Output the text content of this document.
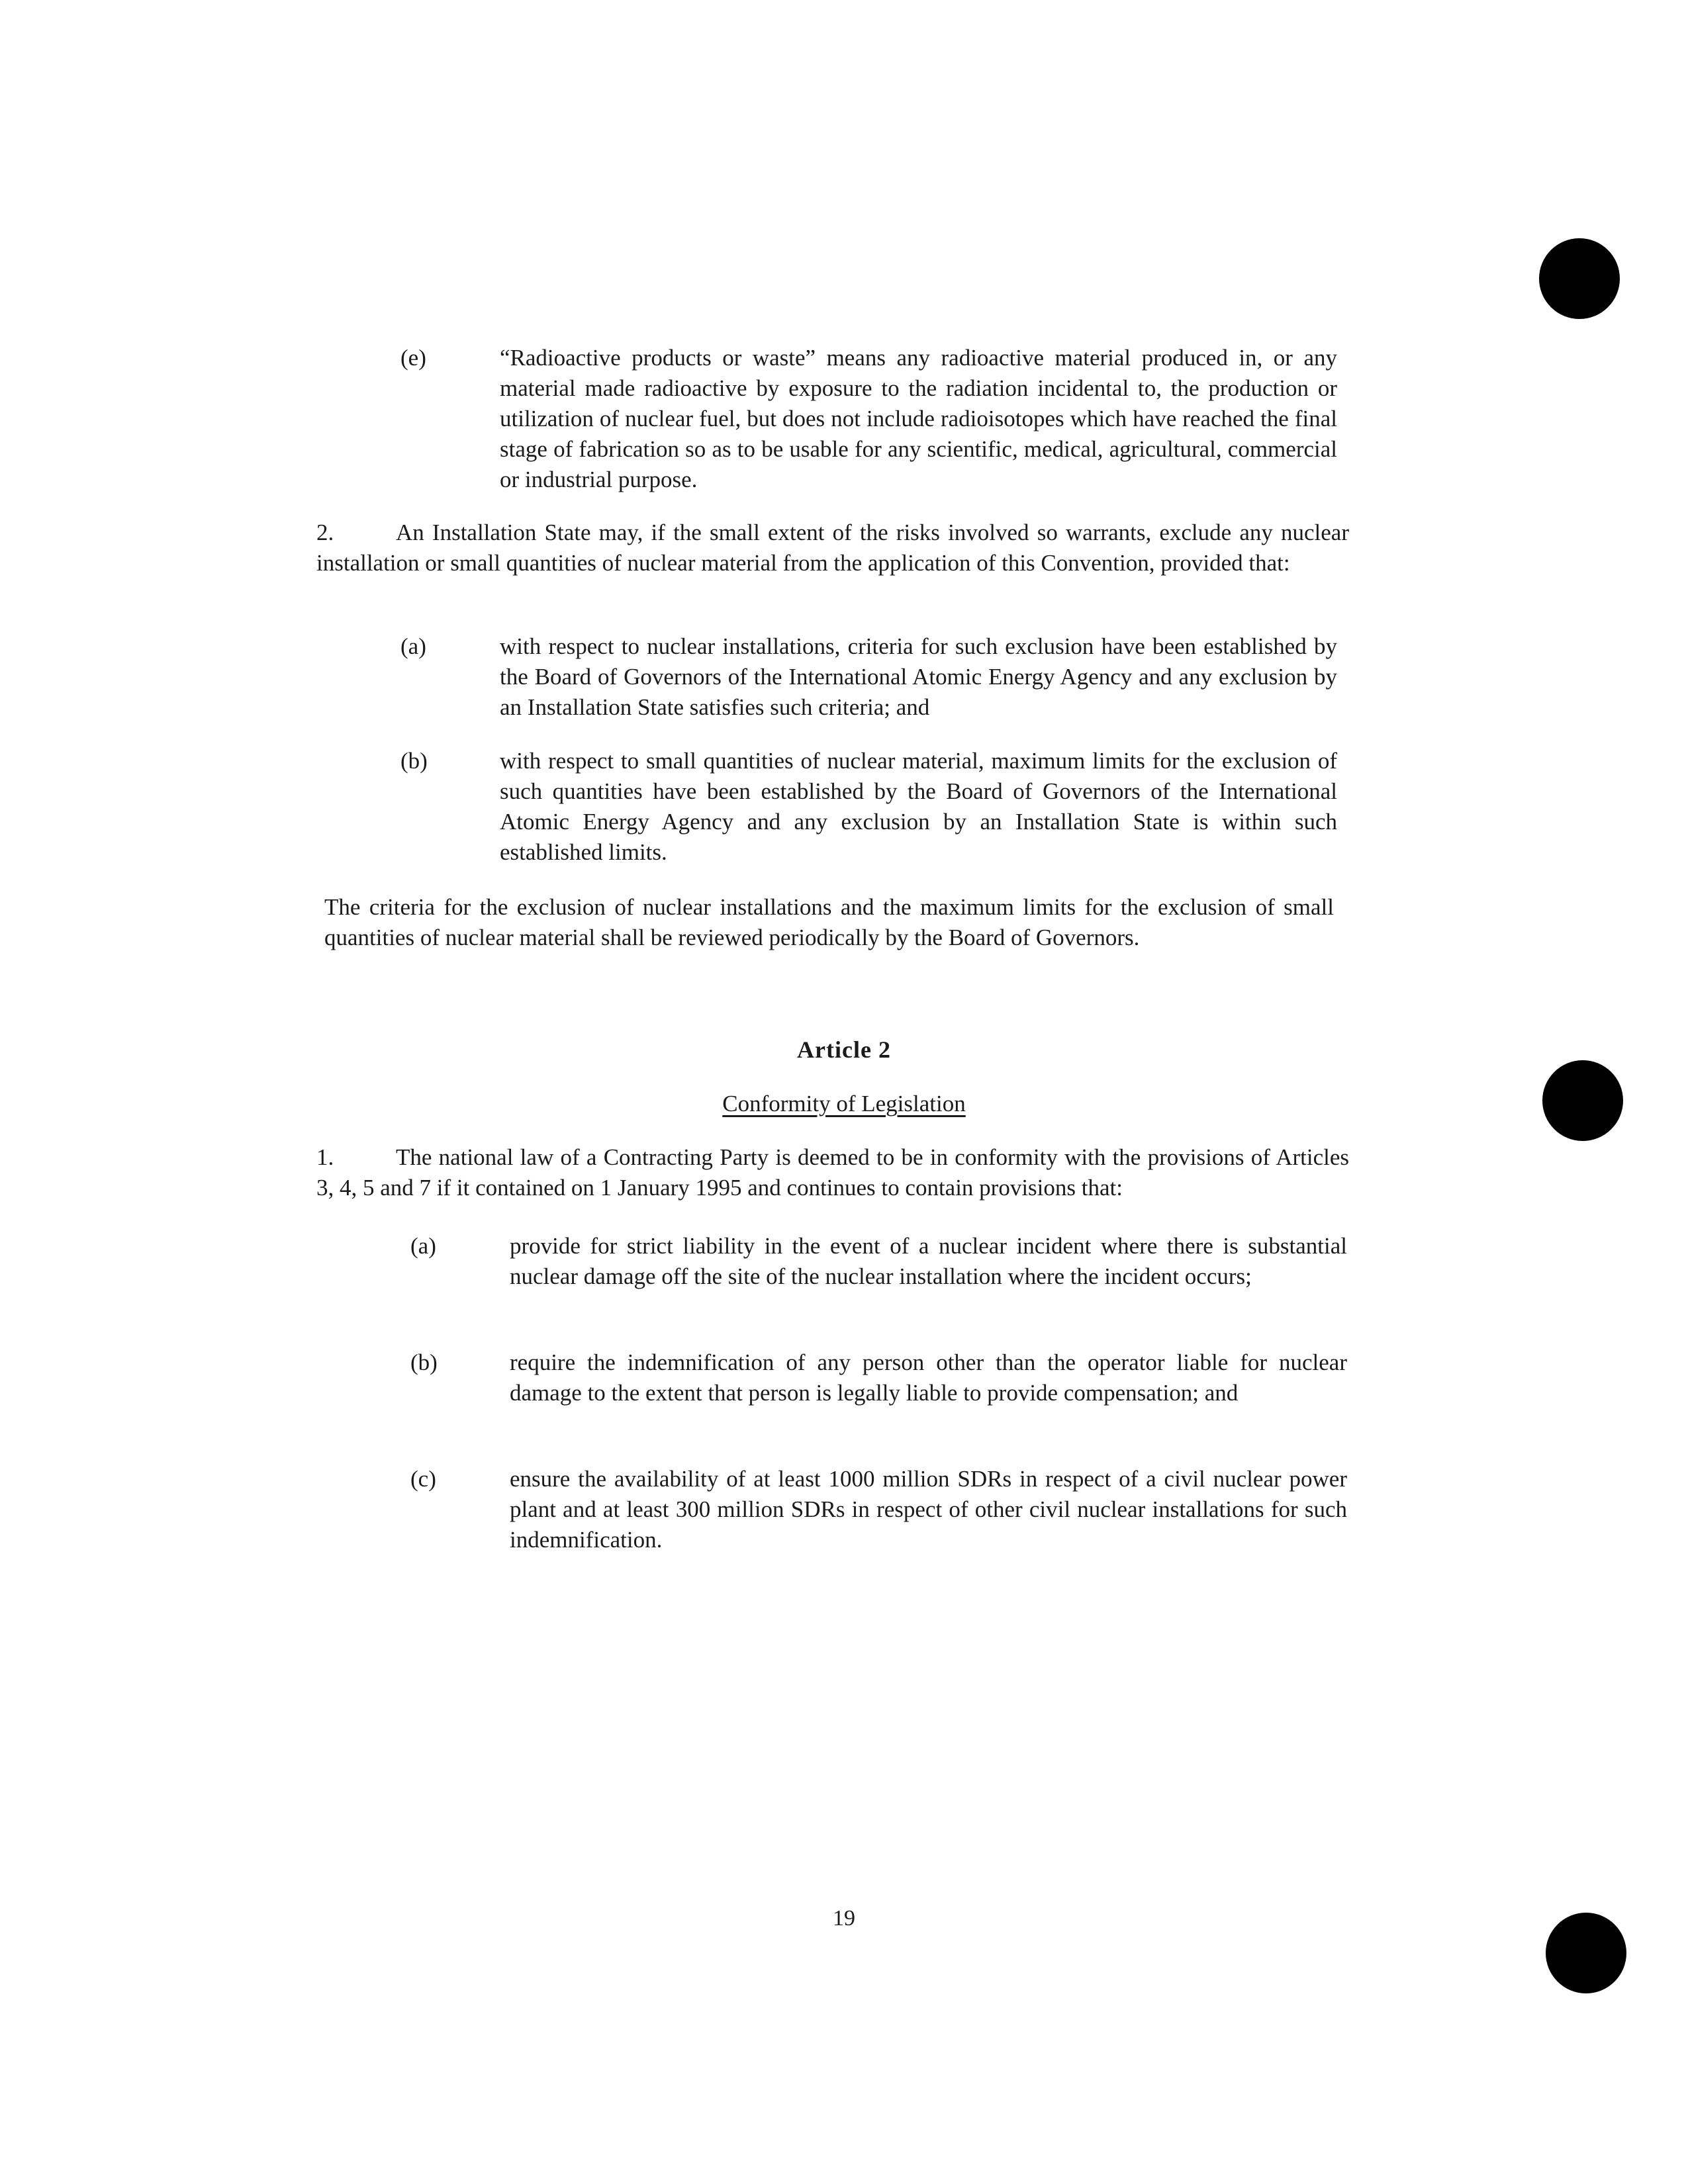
(e)	“Radioactive products or waste” means any radioactive material produced in, or any material made radioactive by exposure to the radiation incidental to, the production or utilization of nuclear fuel, but does not include radioisotopes which have reached the final stage of fabrication so as to be usable for any scientific, medical, agricultural, commercial or industrial purpose.
2.	An Installation State may, if the small extent of the risks involved so warrants, exclude any nuclear installation or small quantities of nuclear material from the application of this Convention, provided that:
(a)	with respect to nuclear installations, criteria for such exclusion have been established by the Board of Governors of the International Atomic Energy Agency and any exclusion by an Installation State satisfies such criteria; and
(b)	with respect to small quantities of nuclear material, maximum limits for the exclusion of such quantities have been established by the Board of Governors of the International Atomic Energy Agency and any exclusion by an Installation State is within such established limits.
The criteria for the exclusion of nuclear installations and the maximum limits for the exclusion of small quantities of nuclear material shall be reviewed periodically by the Board of Governors.
Article 2
Conformity of Legislation
1.	The national law of a Contracting Party is deemed to be in conformity with the provisions of Articles 3, 4, 5 and 7 if it contained on 1 January 1995 and continues to contain provisions that:
(a)	provide for strict liability in the event of a nuclear incident where there is substantial nuclear damage off the site of the nuclear installation where the incident occurs;
(b)	require the indemnification of any person other than the operator liable for nuclear damage to the extent that person is legally liable to provide compensation; and
(c)	ensure the availability of at least 1000 million SDRs in respect of a civil nuclear power plant and at least 300 million SDRs in respect of other civil nuclear installations for such indemnification.
19
